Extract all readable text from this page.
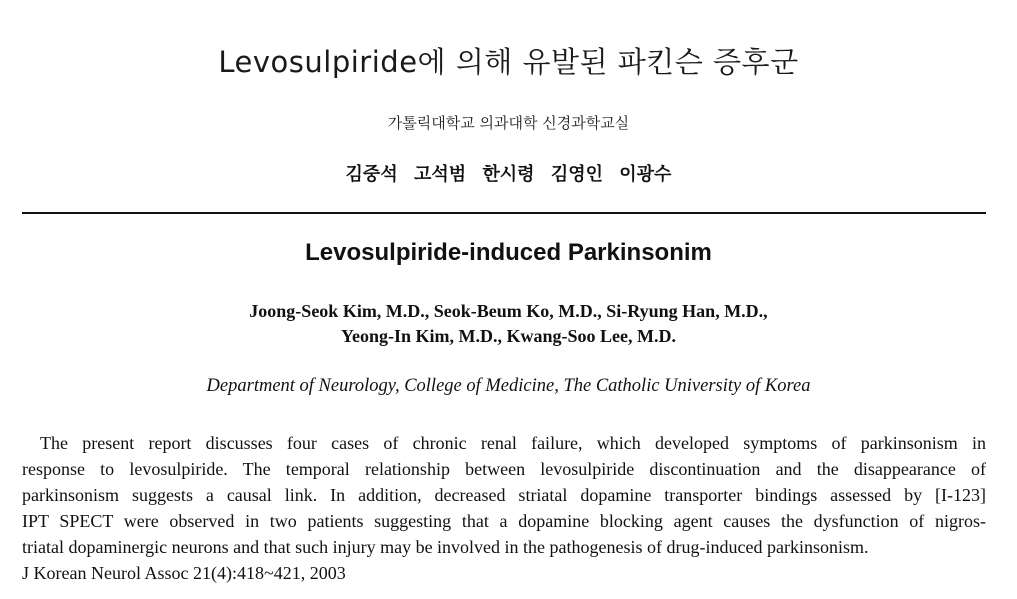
Levosulpiride에 의해 유발된 파킨슨 증후군
가톨릭대학교 의과대학 신경과학교실
김중석 고석범 한시령 김영인 이광수
Levosulpiride-induced Parkinsonim
Joong-Seok Kim, M.D., Seok-Beum Ko, M.D., Si-Ryung Han, M.D.,
Yeong-In Kim, M.D., Kwang-Soo Lee, M.D.
Department of Neurology, College of Medicine, The Catholic University of Korea
The present report discusses four cases of chronic renal failure, which developed symptoms of parkinsonism in
response to levosulpiride. The temporal relationship between levosulpiride discontinuation and the disappearance of
parkinsonism suggests a causal link. In addition, decreased striatal dopamine transporter bindings assessed by [I-123]
IPT SPECT were observed in two patients suggesting that a dopamine blocking agent causes the dysfunction of nigros-
triatal dopaminergic neurons and that such injury may be involved in the pathogenesis of drug-induced parkinsonism.
J Korean Neurol Assoc 21(4):418~421, 2003
